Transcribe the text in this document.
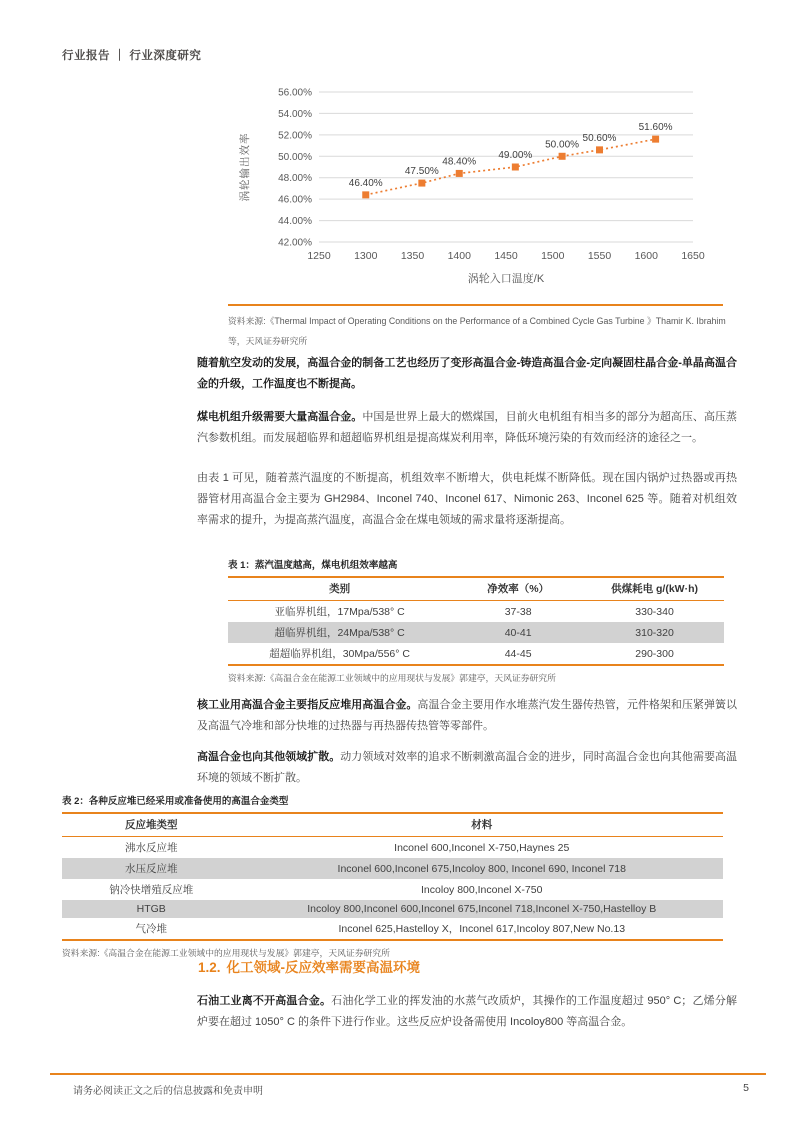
行业报告 ｜ 行业深度研究
42.00%
44.00%
46.00%
48.00%
50.00%
52.00%
54.00%
56.00%
1250 1300 1350 1400 1450 1500 1550 1600 1650
46.40%
47.50%
48.40%
49.00%
50.00%
50.60%
51.60%
涡轮入口温度/K
涡轮输出效率
资料来源:《Thermal Impact of Operating Conditions on the Performance of a Combined Cycle Gas Turbine 》Thamir K. Ibrahim 等，天风证券研究所

随着航空发动的发展，高温合金的制备工艺也经历了变形高温合金-铸造高温合金-定向凝固柱晶合金-单晶高温合金的升级，工作温度也不断提高。

煤电机组升级需要大量高温合金。中国是世界上最大的燃煤国，目前火电机组有相当多的部分为超高压、高压蒸汽参数机组。而发展超临界和超超临界机组是提高煤炭利用率，降低环境污染的有效而经济的途径之一。

由表 1 可见，随着蒸汽温度的不断提高，机组效率不断增大，供电耗煤不断降低。现在国内锅炉过热器或再热器管材用高温合金主要为 GH2984、Inconel 740、Inconel 617、Nimonic 263、Inconel 625 等。随着对机组效率需求的提升，为提高蒸汽温度，高温合金在煤电领域的需求量将逐渐提高。

表 1：蒸汽温度越高，煤电机组效率越高

类别	净效率（%）	供煤耗电 g/(kW·h)
亚临界机组，17Mpa/538° C	37-38	330-340
超临界机组，24Mpa/538° C	40-41	310-320
超超临界机组，30Mpa/556° C	44-45	290-300
资料来源:《高温合金在能源工业领域中的应用现状与发展》郭建亭，天风证券研究所

核工业用高温合金主要指反应堆用高温合金。高温合金主要用作水堆蒸汽发生器传热管，元件格架和压紧弹簧以及高温气冷堆和部分快堆的过热器与再热器传热管等零部件。

高温合金也向其他领域扩散。动力领域对效率的追求不断刺激高温合金的进步，同时高温合金也向其他需要高温环境的领域不断扩散。

表 2：各种反应堆已经采用或准备使用的高温合金类型

反应堆类型	材料
沸水反应堆	Inconel 600,Inconel X-750,Haynes 25
水压反应堆	Inconel 600,Inconel 675,Incoloy 800, Inconel 690, Inconel 718
钠冷快增殖反应堆	Incoloy 800,Inconel X-750
HTGB	Incoloy 800,Inconel 600,Inconel 675,Inconel 718,Inconel X-750,Hastelloy B
气冷堆	Inconel 625,Hastelloy X，Inconel 617,Incoloy 807,New No.13
资料来源:《高温合金在能源工业领域中的应用现状与发展》郭建亭，天风证券研究所
1.2. 化工领域-反应效率需要高温环境

石油工业离不开高温合金。石油化学工业的挥发油的水蒸气改质炉，其操作的工作温度超过 950° C；乙烯分解炉要在超过 1050° C 的条件下进行作业。这些反应炉设备需使用 Incoloy800 等高温合金。

请务必阅读正文之后的信息披露和免责申明	5
